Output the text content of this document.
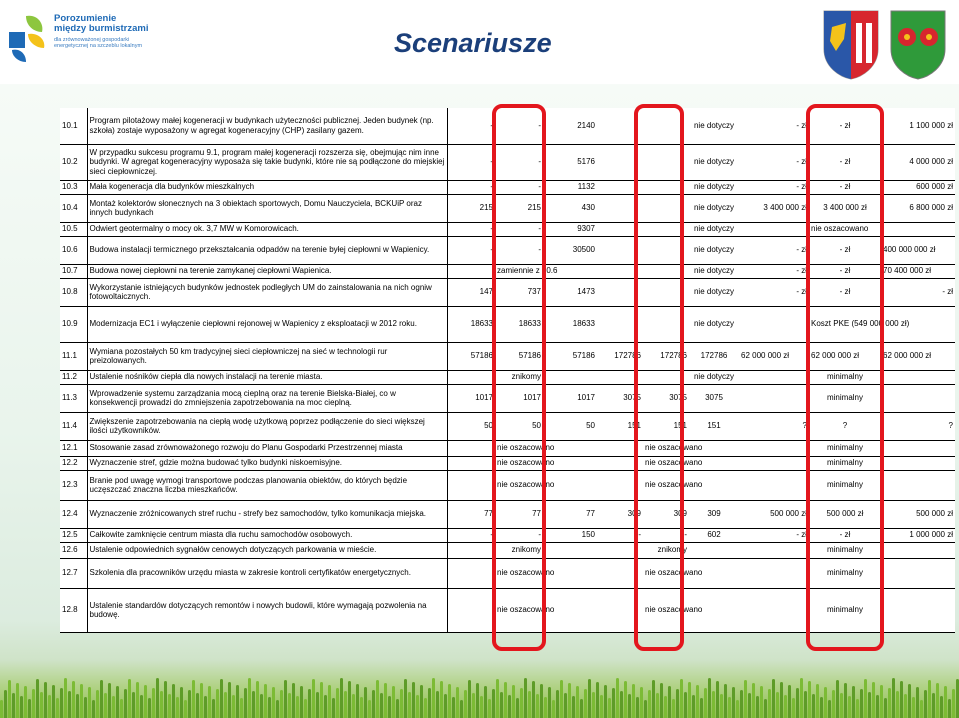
Porozumienie
między burmistrzami
dla zrównoważonej gospodarki
energetycznej na szczeblu lokalnym	Scenariusze
10.1	Program pilotażowy małej kogeneracji w budynkach użyteczności publicznej. Jeden budynek (np. szkoła) zostaje wyposażony w agregat kogeneracyjny (CHP) zasilany gazem.	-	-	2140			nie dotyczy	- zł	- zł	1 100 000 zł
10.2	W przypadku sukcesu programu 9.1, program małej kogeneracji rozszerza się, obejmując nim inne budynki. W agregat kogeneracyjny wyposaża się takie budynki, które nie są podłączone do miejskiej sieci ciepłowniczej.	-	-	5176			nie dotyczy	- zł	- zł	4 000 000 zł
10.3	Mała kogeneracja dla budynków mieszkalnych	-	-	1132			nie dotyczy	- zł	- zł	600 000 zł
10.4	Montaż kolektorów słonecznych na 3 obiektach sportowych, Domu Nauczyciela, BCKUiP oraz innych budynkach	215	215	430			nie dotyczy	3 400 000 zł	3 400 000 zł	6 800 000 zł
10.5	Odwiert geotermalny o mocy ok. 3,7 MW w Komorowicach.	-	-	9307			nie dotyczy		nie oszacowano	
10.6	Budowa instalacji termicznego przekształcania odpadów na terenie byłej ciepłowni w Wapienicy.	-	-	30500			nie dotyczy	- zł	- zł	400 000 000 zł
10.7	Budowa nowej ciepłowni na terenie zamykanej ciepłowni Wapienica.		zamiennie z 10.6				nie dotyczy	- zł	- zł	70 400 000 zł
10.8	Wykorzystanie istniejących budynków jednostek podległych UM do zainstalowania na nich ogniw fotowoltaicznych.	147	737	1473			nie dotyczy	- zł	- zł	- zł
10.9	Modernizacja EC1 i wyłączenie ciepłowni rejonowej w Wapienicy z eksploatacji w 2012 roku.	18633	18633	18633			nie dotyczy		Koszt PKE (549 000 000 zł)	
11.1	Wymiana pozostałych 50 km tradycyjnej sieci ciepłowniczej na sieć w technologii rur preizolowanych.	57186	57186	57186	172786	172786	172786	62 000 000 zł	62 000 000 zł	62 000 000 zł
11.2	Ustalenie nośników ciepła dla nowych instalacji na terenie miasta.		znikomy				nie dotyczy		minimalny	
11.3	Wprowadzenie systemu zarządzania mocą cieplną oraz na terenie Bielska-Białej, co w konsekwencji prowadzi do zmniejszenia zapotrzebowania na moc cieplną.	1017	1017	1017	3075	3075	3075		minimalny	
11.4	Zwiększenie zapotrzebowania na ciepłą wodę użytkową poprzez podłączenie do sieci większej ilości użytkowników.	50	50	50	151	151	151	?	?	?
12.1	Stosowanie zasad zrównoważonego rozwoju do Planu Gospodarki Przestrzennej miasta		nie oszacowano			nie oszacowano			minimalny	
12.2	Wyznaczenie stref, gdzie można budować tylko budynki niskoemisyjne.		nie oszacowano			nie oszacowano			minimalny	
12.3	Branie pod uwagę wymogi transportowe podczas planowania obiektów, do których będzie uczęszczać znaczna liczba mieszkańców.		nie oszacowano			nie oszacowano			minimalny	
12.4	Wyznaczenie zróżnicowanych stref ruchu - strefy bez samochodów, tylko komunikacja miejska.	77	77	77	309	309	309	500 000 zł	500 000 zł	500 000 zł
12.5	Całkowite zamknięcie centrum miasta dla ruchu samochodów osobowych.	-	-	150	-	-	602	- zł	- zł	1 000 000 zł
12.6	Ustalenie odpowiednich sygnałów cenowych dotyczących parkowania w mieście.		znikomy			znikomy			minimalny	
12.7	Szkolenia dla pracowników urzędu miasta w zakresie kontroli certyfikatów energetycznych.		nie oszacowano			nie oszacowano			minimalny	
12.8	Ustalenie standardów dotyczących remontów i nowych budowli, które wymagają pozwolenia na budowę.		nie oszacowano			nie oszacowano			minimalny	
